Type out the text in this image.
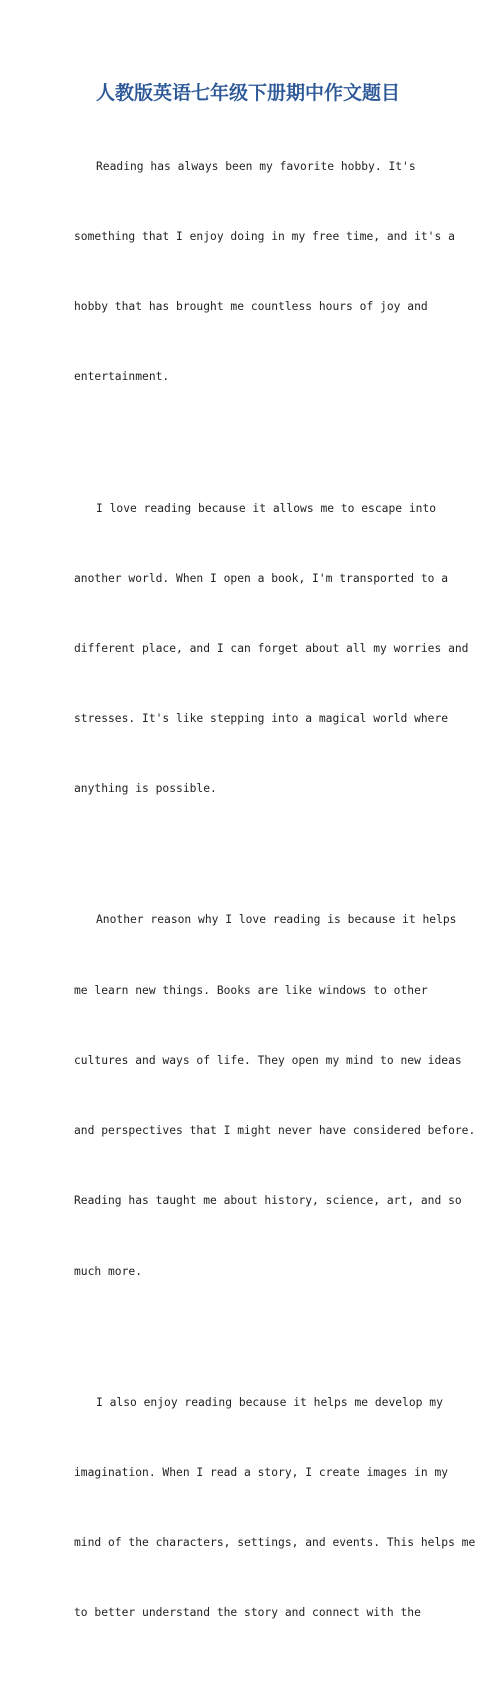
人教版英语七年级下册期中作文题目

Reading has always been my favorite hobby. It's

something that I enjoy doing in my free time, and it's a

hobby that has brought me countless hours of joy and

entertainment.

I love reading because it allows me to escape into

another world. When I open a book, I'm transported to a

different place, and I can forget about all my worries and

stresses. It's like stepping into a magical world where

anything is possible.

Another reason why I love reading is because it helps

me learn new things. Books are like windows to other

cultures and ways of life. They open my mind to new ideas

and perspectives that I might never have considered before.

Reading has taught me about history, science, art, and so

much more.

I also enjoy reading because it helps me develop my

imagination. When I read a story, I create images in my

mind of the characters, settings, and events. This helps me

to better understand the story and connect with the
